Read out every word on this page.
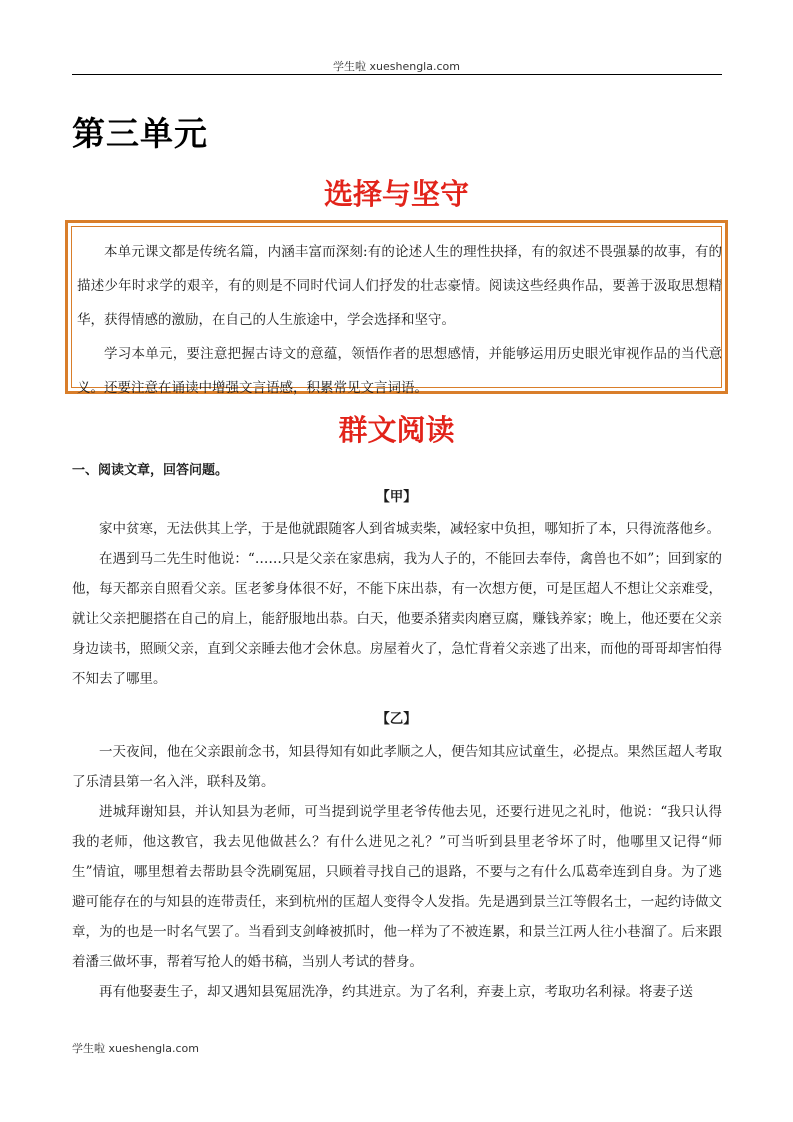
学生啦 xueshengla.com
第三单元
选择与坚守

本单元课文都是传统名篇，内涵丰富而深刻:有的论述人生的理性抉择，有的叙述不畏强暴的故事，有的描述少年时求学的艰辛，有的则是不同时代词人们抒发的壮志豪情。阅读这些经典作品，要善于汲取思想精华，获得情感的激励，在自己的人生旅途中，学会选择和坚守。

学习本单元，要注意把握古诗文的意蕴，领悟作者的思想感情，并能够运用历史眼光审视作品的当代意义。还要注意在诵读中增强文言语感，积累常见文言词语。

群文阅读
一、阅读文章，回答问题。
【甲】

家中贫寒，无法供其上学，于是他就跟随客人到省城卖柴，减轻家中负担，哪知折了本，只得流落他乡。

在遇到马二先生时他说：“……只是父亲在家患病，我为人子的，不能回去奉侍，禽兽也不如”；回到家的他，每天都亲自照看父亲。匡老爹身体很不好，不能下床出恭，有一次想方便，可是匡超人不想让父亲难受，就让父亲把腿搭在自己的肩上，能舒服地出恭。白天，他要杀猪卖肉磨豆腐，赚钱养家；晚上，他还要在父亲身边读书，照顾父亲，直到父亲睡去他才会休息。房屋着火了，急忙背着父亲逃了出来，而他的哥哥却害怕得不知去了哪里。

【乙】

一天夜间，他在父亲跟前念书，知县得知有如此孝顺之人，便告知其应试童生，必提点。果然匡超人考取了乐清县第一名入泮，联科及第。

进城拜谢知县，并认知县为老师，可当提到说学里老爷传他去见，还要行进见之礼时，他说：“我只认得我的老师，他这教官，我去见他做甚么？有什么进见之礼？”可当听到县里老爷坏了时，他哪里又记得“师生”情谊，哪里想着去帮助县令洗刷冤屈，只顾着寻找自己的退路，不要与之有什么瓜葛牵连到自身。为了逃避可能存在的与知县的连带责任，来到杭州的匡超人变得令人发指。先是遇到景兰江等假名士，一起约诗做文章，为的也是一时名气罢了。当看到支剑峰被抓时，他一样为了不被连累，和景兰江两人往小巷溜了。后来跟着潘三做坏事，帮着写抢人的婚书稿，当别人考试的替身。

再有他娶妻生子，却又遇知县冤屈洗净，约其进京。为了名利，弃妻上京，考取功名利禄。将妻子送

学生啦 xueshengla.com
